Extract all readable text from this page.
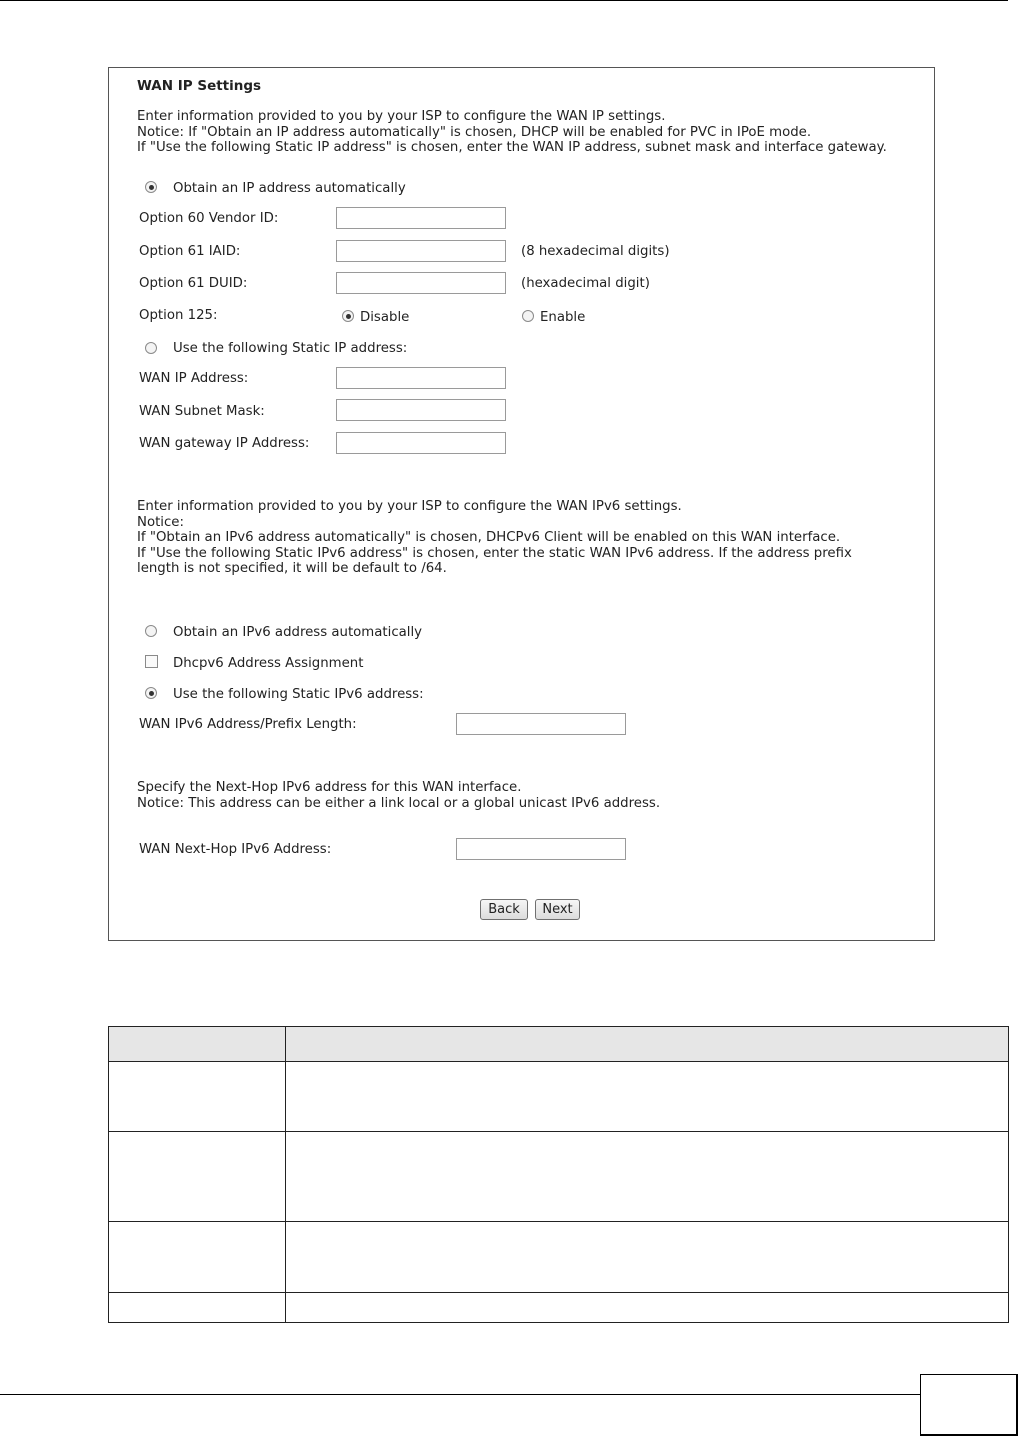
WAN IP Settings
Enter information provided to you by your ISP to configure the WAN IP settings.
Notice: If "Obtain an IP address automatically" is chosen, DHCP will be enabled for PVC in IPoE mode.
If "Use the following Static IP address" is chosen, enter the WAN IP address, subnet mask and interface gateway.
Obtain an IP address automatically
Option 60 Vendor ID:
Option 61 IAID:	(8 hexadecimal digits)
Option 61 DUID:	(hexadecimal digit)
Option 125:	Disable	Enable
Use the following Static IP address:
WAN IP Address:
WAN Subnet Mask:
WAN gateway IP Address:
Enter information provided to you by your ISP to configure the WAN IPv6 settings.
Notice:
If "Obtain an IPv6 address automatically" is chosen, DHCPv6 Client will be enabled on this WAN interface.
If "Use the following Static IPv6 address" is chosen, enter the static WAN IPv6 address. If the address prefix
length is not specified, it will be default to /64.
Obtain an IPv6 address automatically
Dhcpv6 Address Assignment
Use the following Static IPv6 address:
WAN IPv6 Address/Prefix Length:
Specify the Next-Hop IPv6 address for this WAN interface.
Notice: This address can be either a link local or a global unicast IPv6 address.
WAN Next-Hop IPv6 Address:
Back	Next
